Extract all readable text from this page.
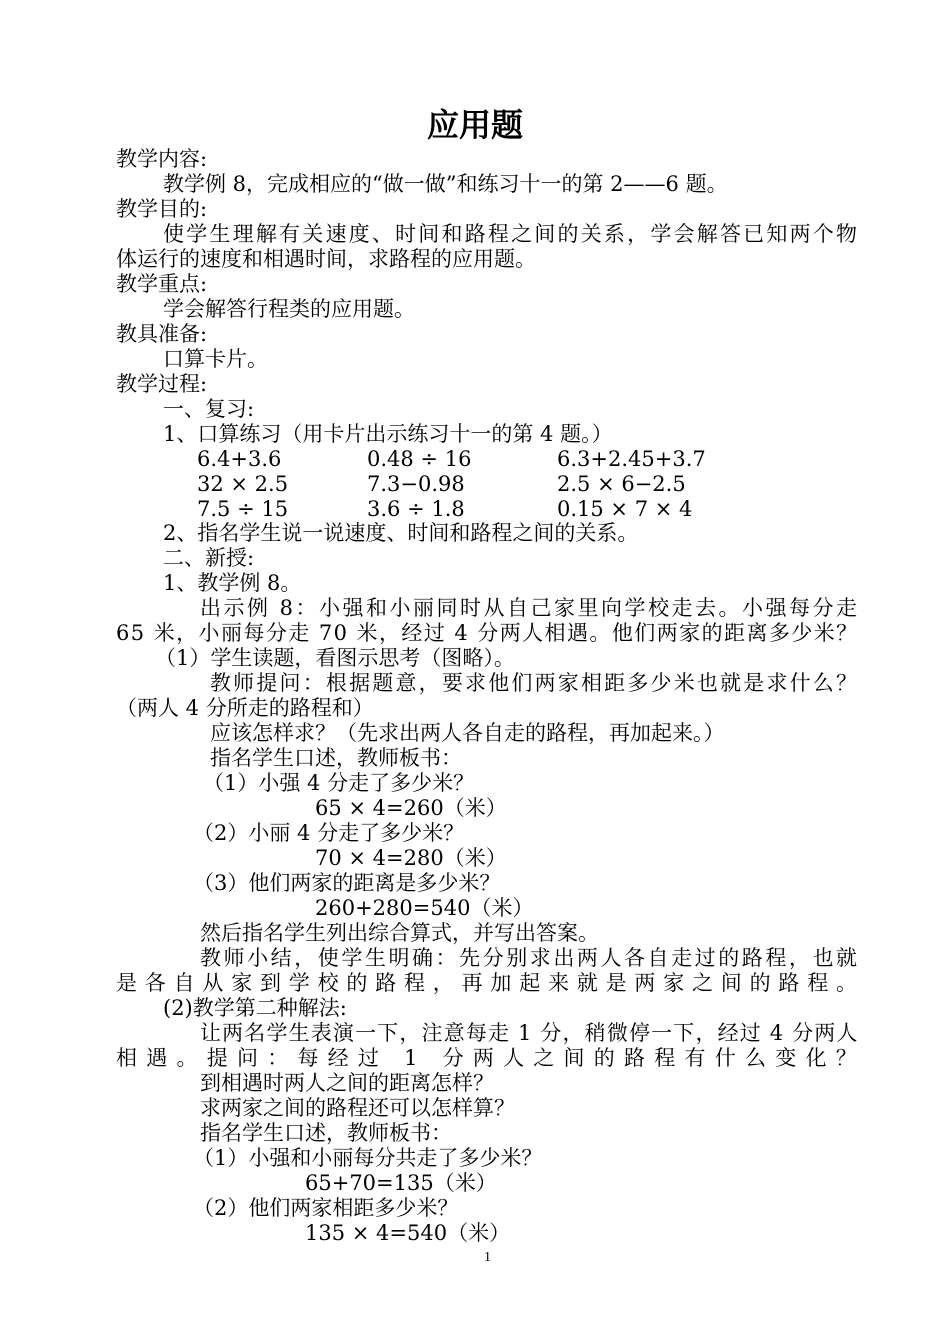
应用题
教学内容:
教学例 8，完成相应的“做一做”和练习十一的第 2——6 题。
教学目的:
使学生理解有关速度、时间和路程之间的关系，学会解答已知两个物
体运行的速度和相遇时间，求路程的应用题。
教学重点:
学会解答行程类的应用题。
教具准备:
口算卡片。
教学过程:
一、复习:
1、口算练习（用卡片出示练习十一的第 4 题。）
2、指名学生说一说速度、时间和路程之间的关系。
二、新授:
1、教学例 8。
出示例 8：小强和小丽同时从自己家里向学校走去。小强每分走
65 米，小丽每分走 70 米，经过 4 分两人相遇。他们两家的距离多少米？
（1）学生读题，看图示思考（图略）。
教师提问：根据题意，要求他们两家相距多少米也就是求什么？
（两人 4 分所走的路程和）
应该怎样求？（先求出两人各自走的路程，再加起来。）
指名学生口述，教师板书：
（1）小强 4 分走了多少米？
65 × 4=260（米）
（2）小丽 4 分走了多少米？
70 × 4=280（米）
（3）他们两家的距离是多少米？
260+280=540（米）
然后指名学生列出综合算式，并写出答案。
教师小结，使学生明确：先分别求出两人各自走过的路程，也就
是各自从家到学校的路程，再加起来就是两家之间的路程。
(2)教学第二种解法:
让两名学生表演一下，注意每走 1 分，稍微停一下，经过 4 分两人
相遇。提问：每经过 1 分两人之间的路程有什么变化？
到相遇时两人之间的距离怎样？
求两家之间的路程还可以怎样算？
指名学生口述，教师板书：
（1）小强和小丽每分共走了多少米？
65+70=135（米）
（2）他们两家相距多少米？
135 × 4=540（米）
6.4+3.6	0.48 ÷ 16	6.3+2.45+3.7
32 × 2.5	7.3−0.98	2.5 × 6−2.5
7.5 ÷ 15	3.6 ÷ 1.8	0.15 × 7 × 4
1
